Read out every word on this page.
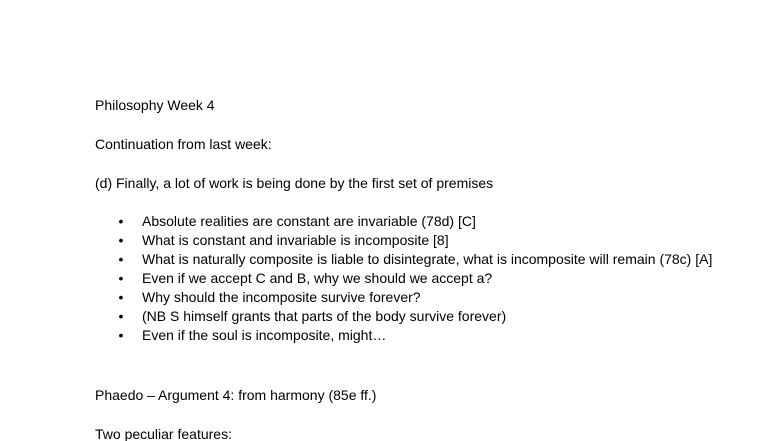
Philosophy Week 4
Continuation from last week:
(d) Finally, a lot of work is being done by the first set of premises
• Absolute realities are constant are invariable (78d) [C]
• What is constant and invariable is incomposite [8]
• What is naturally composite is liable to disintegrate, what is incomposite will remain (78c) [A]
• Even if we accept C and B, why we should we accept a?
• Why should the incomposite survive forever?
• (NB S himself grants that parts of the body survive forever)
• Even if the soul is incomposite, might…
Phaedo – Argument 4: from harmony (85e ff.)
Two peculiar features:
